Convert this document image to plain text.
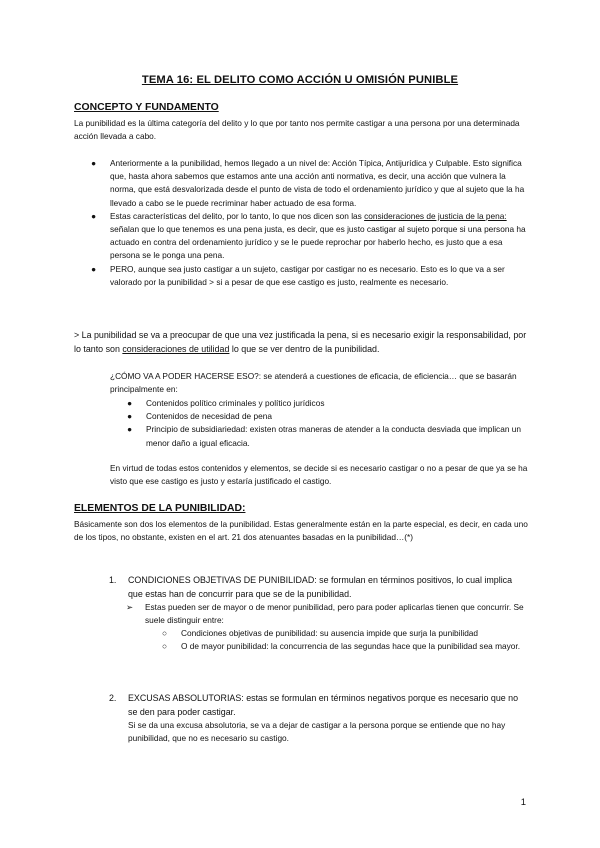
TEMA 16: EL DELITO COMO ACCIÓN U OMISIÓN PUNIBLE
CONCEPTO Y FUNDAMENTO

La punibilidad es la última categoría del delito y lo que por tanto nos permite castigar a una persona por una determinada acción llevada a cabo.

● Anteriormente a la punibilidad, hemos llegado a un nivel de: Acción Típica, Antijurídica y Culpable. Esto significa que, hasta ahora sabemos que estamos ante una acción anti normativa, es decir, una acción que vulnera la norma, que está desvalorizada desde el punto de vista de todo el ordenamiento jurídico y que al sujeto que la ha llevado a cabo se le puede recriminar haber actuado de esa forma.
● Estas características del delito, por lo tanto, lo que nos dicen son las consideraciones de justicia de la pena: señalan que lo que tenemos es una pena justa, es decir, que es justo castigar al sujeto porque si una persona ha actuado en contra del ordenamiento jurídico y se le puede reprochar por haberlo hecho, es justo que a esa persona se le ponga una pena.
● PERO, aunque sea justo castigar a un sujeto, castigar por castigar no es necesario. Esto es lo que va a ser valorado por la punibilidad > si a pesar de que ese castigo es justo, realmente es necesario.

> La punibilidad se va a preocupar de que una vez justificada la pena, si es necesario exigir la responsabilidad, por lo tanto son consideraciones de utilidad lo que se ver dentro de la punibilidad.

¿CÓMO VA A PODER HACERSE ESO?: se atenderá a cuestiones de eficacia, de eficiencia… que se basarán principalmente en:

● Contenidos político criminales y político jurídicos
● Contenidos de necesidad de pena
● Principio de subsidiariedad: existen otras maneras de atender a la conducta desviada que implican un menor daño a igual eficacia.

En virtud de todas estos contenidos y elementos, se decide si es necesario castigar o no a pesar de que ya se ha visto que ese castigo es justo y estaría justificado el castigo.

ELEMENTOS DE LA PUNIBILIDAD:

Básicamente son dos los elementos de la punibilidad. Estas generalmente están en la parte especial, es decir, en cada uno de los tipos, no obstante, existen en el art. 21 dos atenuantes basadas en la punibilidad…(*)

1. CONDICIONES OBJETIVAS DE PUNIBILIDAD: se formulan en términos positivos, lo cual implica que estas han de concurrir para que se de la punibilidad.
➢ Estas pueden ser de mayor o de menor punibilidad, pero para poder aplicarlas tienen que concurrir. Se suele distinguir entre:
○ Condiciones objetivas de punibilidad: su ausencia impide que surja la punibilidad
○ O de mayor punibilidad: la concurrencia de las segundas hace que la punibilidad sea mayor.
2. EXCUSAS ABSOLUTORIAS: estas se formulan en términos negativos porque es necesario que no se den para poder castigar.

Si se da una excusa absolutoria, se va a dejar de castigar a la persona porque se entiende que no hay punibilidad, que no es necesario su castigo.

1
